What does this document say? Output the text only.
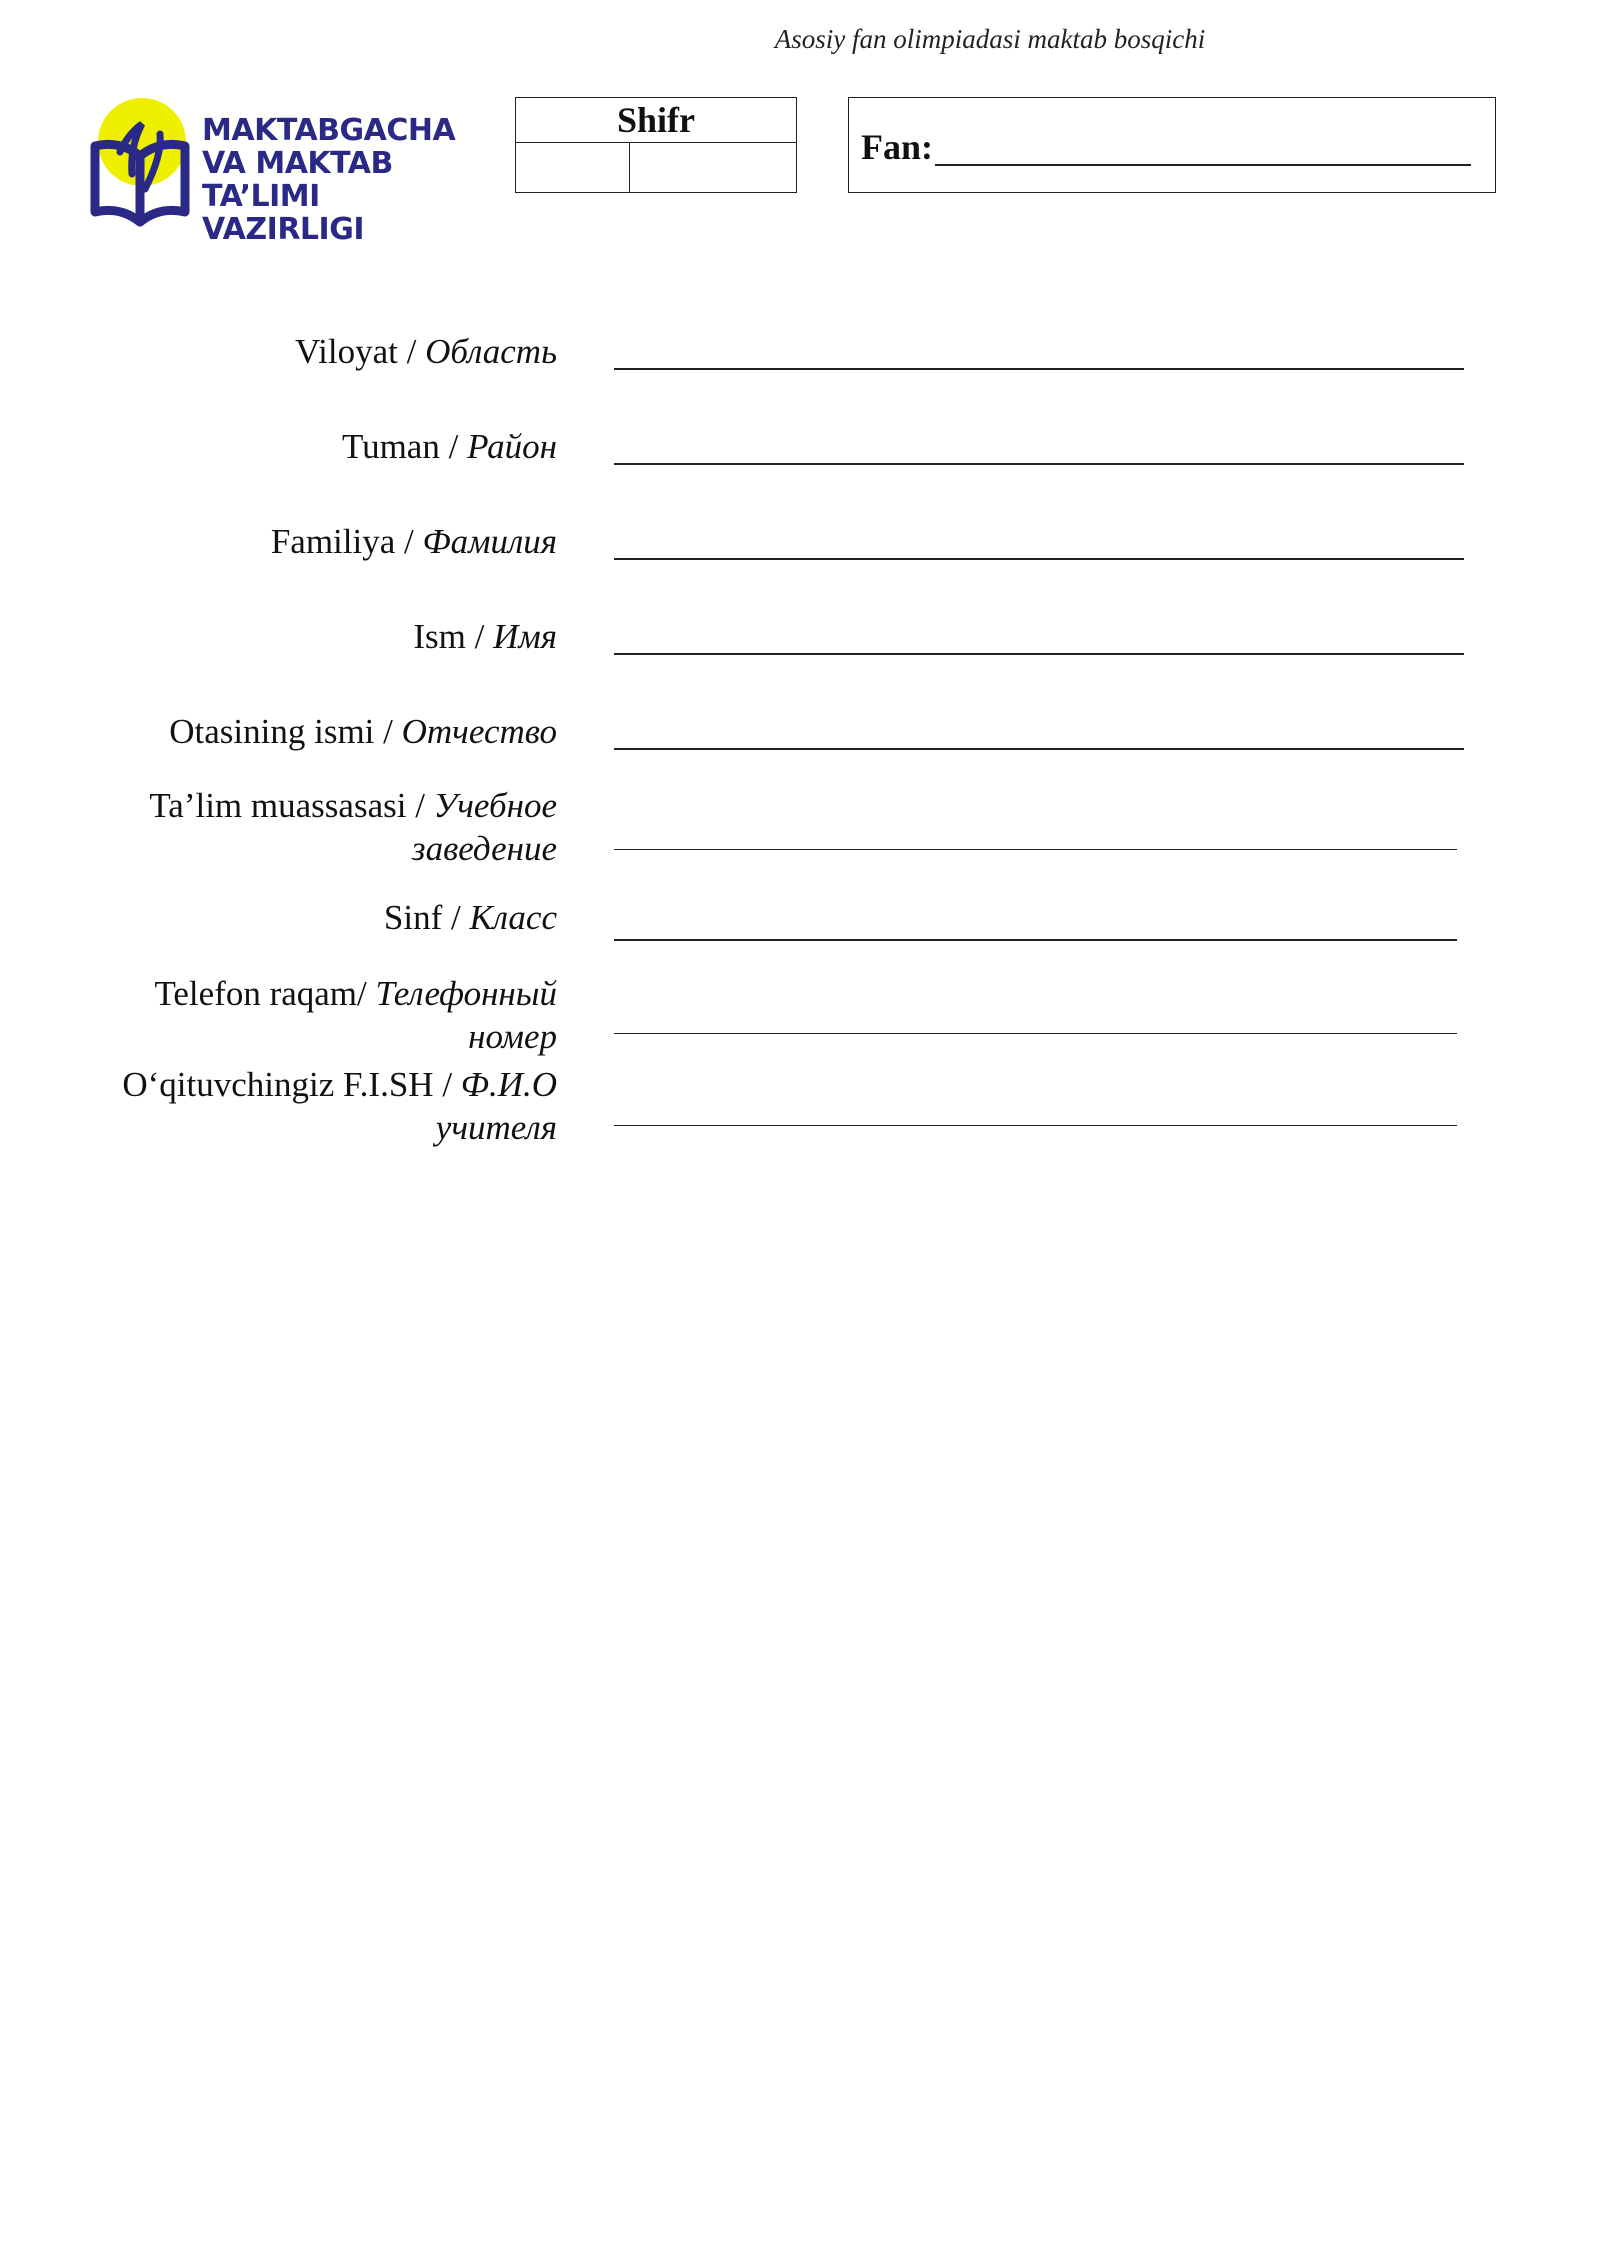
Asosiy fan olimpiadasi maktab bosqichi
MAKTABGACHA
VA MAKTAB
TA’LIMI VAZIRLIGI
Shifr
Fan:
Viloyat / Область
Tuman / Район
Familiya / Фамилия
Ism / Имя
Otasining ismi / Отчество
Ta’lim muassasasi / Учебное заведение
Sinf / Класс
Telefon raqam/ Телефонный номер
O‘qituvchingiz F.I.SH / Ф.И.О учителя
